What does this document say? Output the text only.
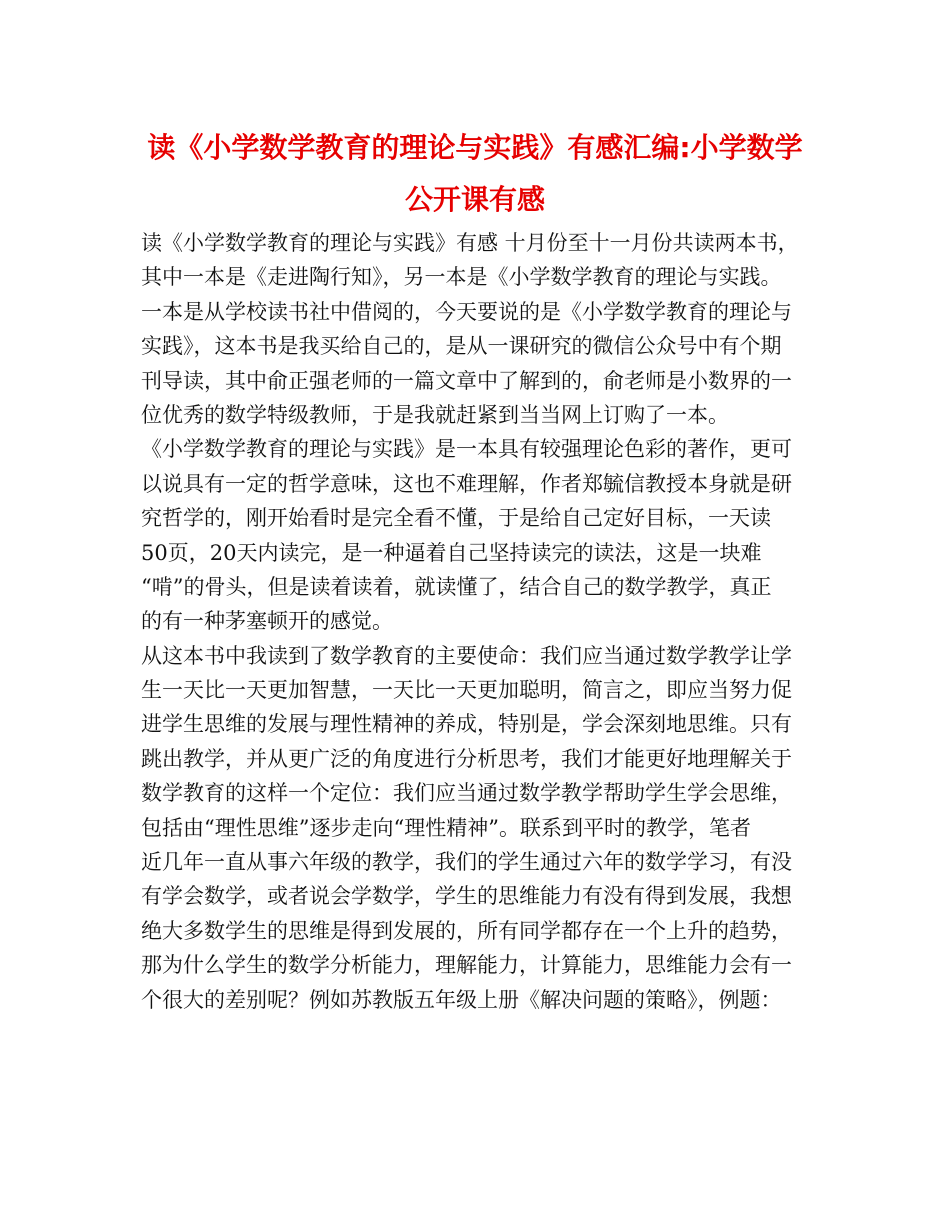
读《小学数学教育的理论与实践》有感汇编:小学数学
公开课有感
读《小学数学教育的理论与实践》有感 十月份至十一月份共读两本书，
其中一本是《走进陶行知》，另一本是《小学数学教育的理论与实践。
一本是从学校读书社中借阅的，今天要说的是《小学数学教育的理论与
实践》，这本书是我买给自己的，是从一课研究的微信公众号中有个期
刊导读，其中俞正强老师的一篇文章中了解到的，俞老师是小数界的一
位优秀的数学特级教师，于是我就赶紧到当当网上订购了一本。
《小学数学教育的理论与实践》是一本具有较强理论色彩的著作，更可
以说具有一定的哲学意味，这也不难理解，作者郑毓信教授本身就是研
究哲学的，刚开始看时是完全看不懂，于是给自己定好目标，一天读
50页，20天内读完，是一种逼着自己坚持读完的读法，这是一块难
“啃”的骨头，但是读着读着，就读懂了，结合自己的数学教学，真正
的有一种茅塞顿开的感觉。
从这本书中我读到了数学教育的主要使命：我们应当通过数学教学让学
生一天比一天更加智慧，一天比一天更加聪明，简言之，即应当努力促
进学生思维的发展与理性精神的养成，特别是，学会深刻地思维。只有
跳出教学，并从更广泛的角度进行分析思考，我们才能更好地理解关于
数学教育的这样一个定位：我们应当通过数学教学帮助学生学会思维，
包括由“理性思维”逐步走向“理性精神”。联系到平时的教学，笔者
近几年一直从事六年级的教学，我们的学生通过六年的数学学习，有没
有学会数学，或者说会学数学，学生的思维能力有没有得到发展，我想
绝大多数学生的思维是得到发展的，所有同学都存在一个上升的趋势，
那为什么学生的数学分析能力，理解能力，计算能力，思维能力会有一
个很大的差别呢？例如苏教版五年级上册《解决问题的策略》，例题：
